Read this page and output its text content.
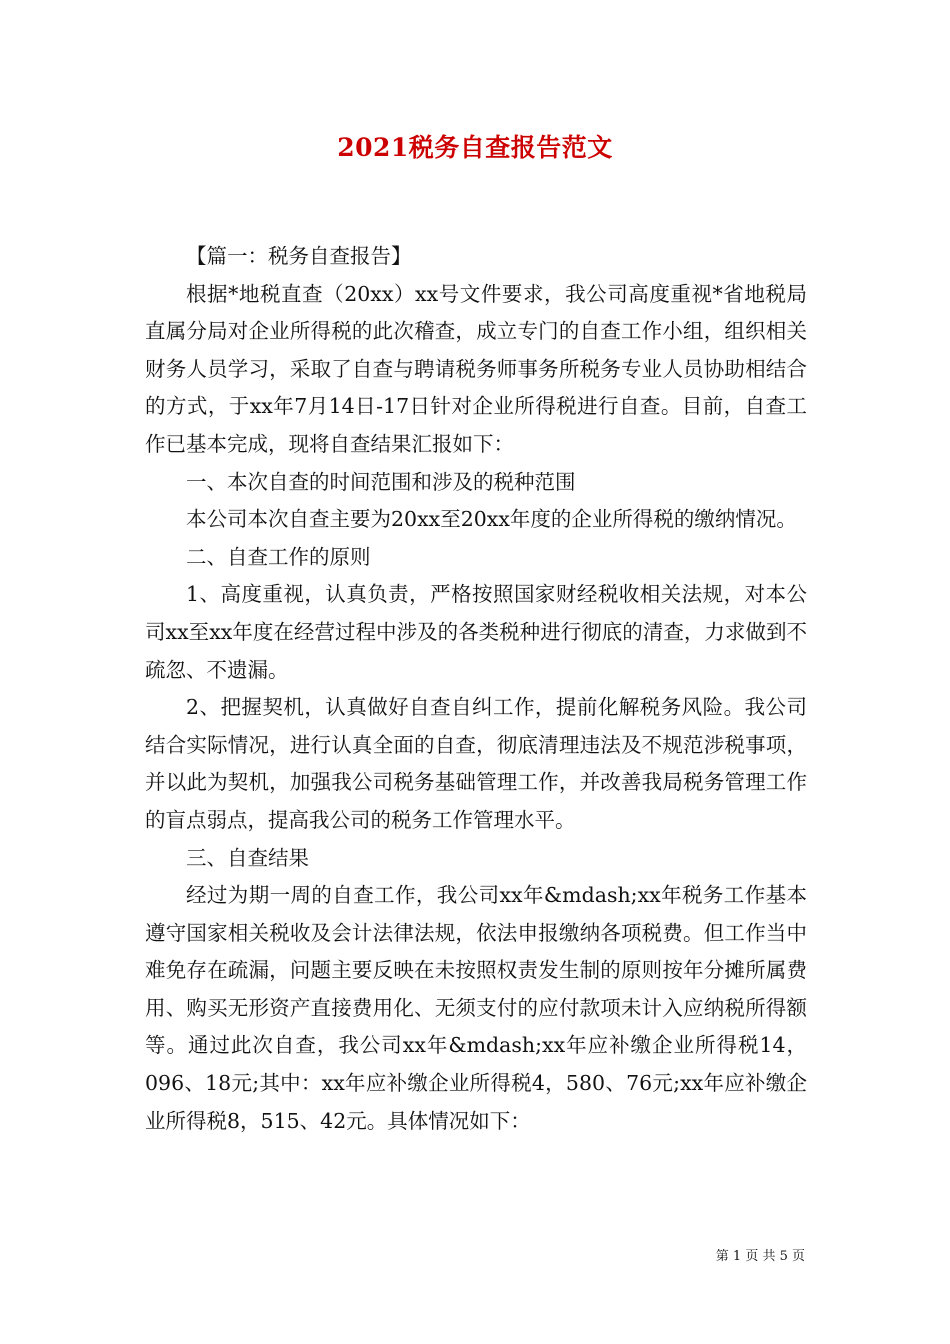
2021税务自查报告范文

【篇一：税务自查报告】

根据*地税直查（20xx）xx号文件要求，我公司高度重视*省地税局直属分局对企业所得税的此次稽查，成立专门的自查工作小组，组织相关财务人员学习，采取了自查与聘请税务师事务所税务专业人员协助相结合的方式，于xx年7月14日-17日针对企业所得税进行自查。目前，自查工作已基本完成，现将自查结果汇报如下：

一、本次自查的时间范围和涉及的税种范围

本公司本次自查主要为20xx至20xx年度的企业所得税的缴纳情况。

二、自查工作的原则

1、高度重视，认真负责，严格按照国家财经税收相关法规，对本公司xx至xx年度在经营过程中涉及的各类税种进行彻底的清查，力求做到不疏忽、不遗漏。

2、把握契机，认真做好自查自纠工作，提前化解税务风险。我公司结合实际情况，进行认真全面的自查，彻底清理违法及不规范涉税事项，并以此为契机，加强我公司税务基础管理工作，并改善我局税务管理工作的盲点弱点，提高我公司的税务工作管理水平。

三、自查结果

经过为期一周的自查工作，我公司xx年&mdash;xx年税务工作基本遵守国家相关税收及会计法律法规，依法申报缴纳各项税费。但工作当中难免存在疏漏，问题主要反映在未按照权责发生制的原则按年分摊所属费用、购买无形资产直接费用化、无须支付的应付款项未计入应纳税所得额等。通过此次自查，我公司xx年&mdash;xx年应补缴企业所得税14，096、18元;其中：xx年应补缴企业所得税4，580、76元;xx年应补缴企业所得税8，515、42元。具体情况如下：

第 1 页 共 5 页
